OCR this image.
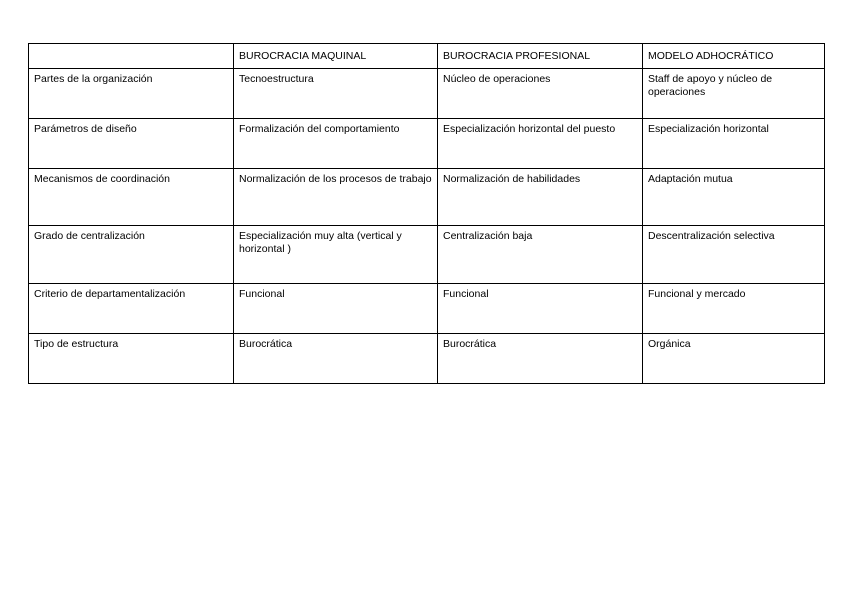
	BUROCRACIA MAQUINAL	BUROCRACIA PROFESIONAL	MODELO ADHOCRÁTICO
Partes de la organización	Tecnoestructura	Núcleo de operaciones	Staff de apoyo y núcleo de operaciones
Parámetros de diseño	Formalización del comportamiento	Especialización horizontal del puesto	Especialización horizontal
Mecanismos de coordinación	Normalización de los procesos de trabajo	Normalización de habilidades	Adaptación mutua
Grado de centralización	Especialización muy alta (vertical y horizontal )	Centralización baja	Descentralización selectiva
Criterio de departamentalización	Funcional	Funcional	Funcional y mercado
Tipo de estructura	Burocrática	Burocrática	Orgánica
